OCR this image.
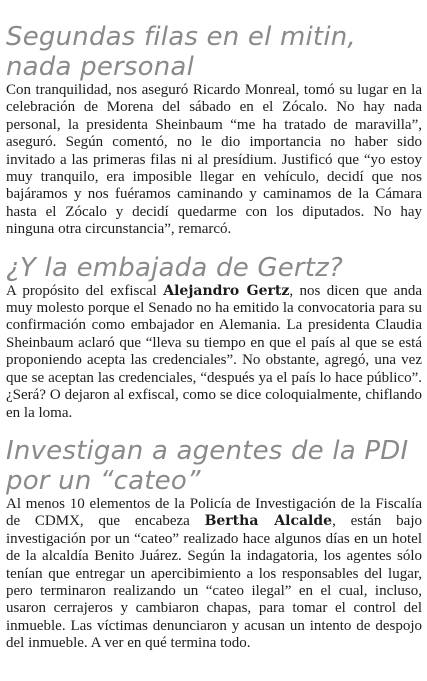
Segundas filas en el mitin,
nada personal

Con tranquilidad, nos aseguró Ricardo Monreal, tomó su lugar en la celebración de Morena del sábado en el Zócalo. No hay nada personal, la presidenta Sheinbaum “me ha tratado de maravilla”, aseguró. Según comentó, no le dio importancia no haber sido invitado a las primeras filas ni al presídium. Justificó que “yo estoy muy tranquilo, era imposible llegar en vehículo, decidí que nos bajáramos y nos fuéramos caminando y caminamos de la Cámara hasta el Zócalo y decidí quedarme con los diputados. No hay ninguna otra circunstancia”, remarcó.

¿Y la embajada de Gertz?

A propósito del exfiscal Alejandro Gertz, nos dicen que anda muy molesto porque el Senado no ha emitido la convocatoria para su confirmación como embajador en Alemania. La presidenta Claudia Sheinbaum aclaró que “lleva su tiempo en que el país al que se está proponiendo acepta las credenciales”. No obstante, agregó, una vez que se aceptan las credenciales, “después ya el país lo hace público”. ¿Será? O dejaron al exfiscal, como se dice coloquialmente, chiflando en la loma.

Investigan a agentes de la PDI
por un “cateo”

Al menos 10 elementos de la Policía de Investigación de la Fiscalía de CDMX, que encabeza Bertha Alcalde, están bajo investigación por un “cateo” realizado hace algunos días en un hotel de la alcaldía Benito Juárez. Según la indagatoria, los agentes sólo tenían que entregar un apercibimiento a los responsables del lugar, pero terminaron realizando un “cateo ilegal” en el cual, incluso, usaron cerrajeros y cambiaron chapas, para tomar el control del inmueble. Las víctimas denunciaron y acusan un intento de despojo del inmueble. A ver en qué termina todo.
